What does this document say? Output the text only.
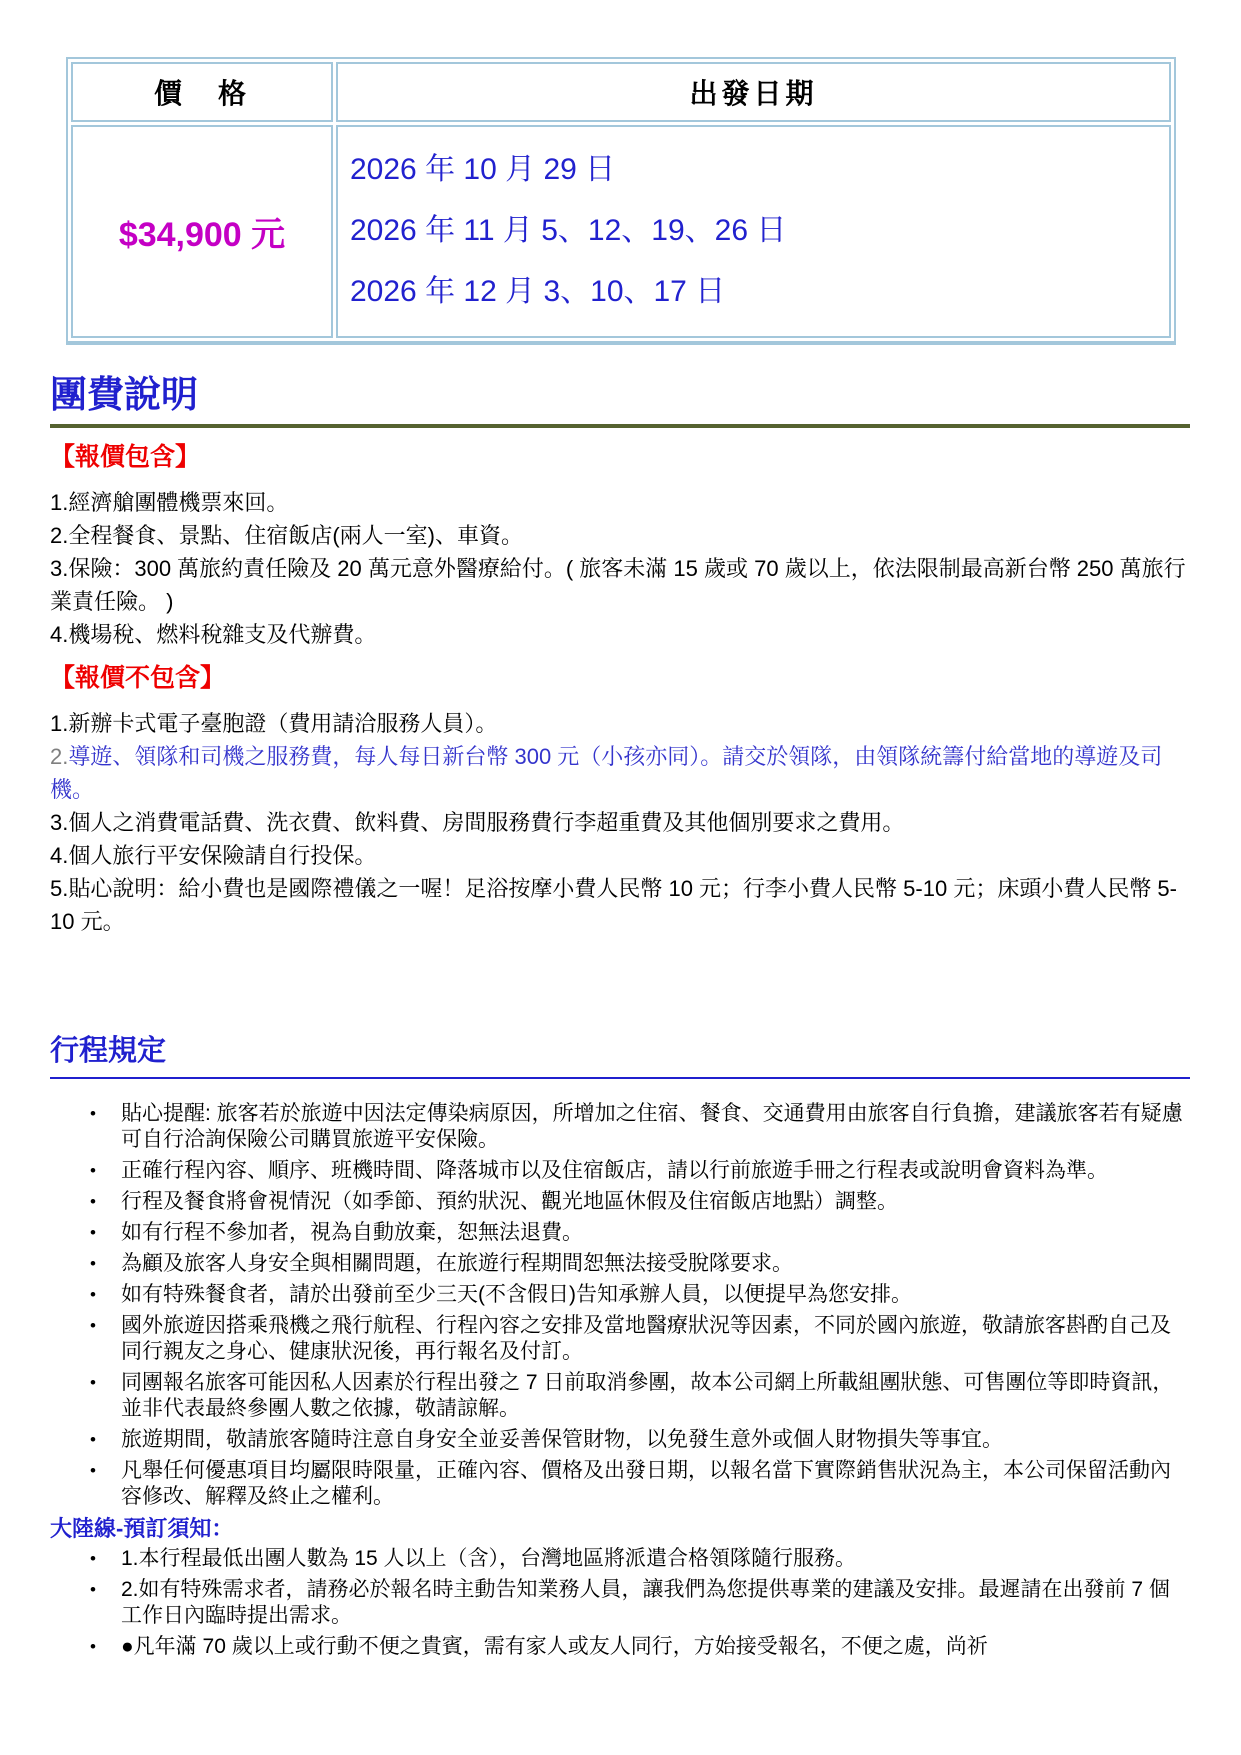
價　格	出發日期
$34,900 元	2026 年 10 月 29 日
2026 年 11 月 5、12、19、26 日
2026 年 12 月 3、10、17 日
團費說明
【報價包含】

1.經濟艙團體機票來回。

2.全程餐食、景點、住宿飯店(兩人一室)、車資。

3.保險：300 萬旅約責任險及 20 萬元意外醫療給付。( 旅客未滿 15 歲或 70 歲以上，依法限制最高新台幣 250 萬旅行業責任險。 )

4.機場稅、燃料稅雜支及代辦費。

【報價不包含】

1.新辦卡式電子臺胞證（費用請洽服務人員）。

2.導遊、領隊和司機之服務費，每人每日新台幣 300 元（小孩亦同）。請交於領隊，由領隊統籌付給當地的導遊及司機。

3.個人之消費電話費、洗衣費、飲料費、房間服務費行李超重費及其他個別要求之費用。

4.個人旅行平安保險請自行投保。

5.貼心說明：給小費也是國際禮儀之一喔！足浴按摩小費人民幣 10 元；行李小費人民幣 5-10 元；床頭小費人民幣 5-10 元。

行程規定
•	貼心提醒: 旅客若於旅遊中因法定傳染病原因，所增加之住宿、餐食、交通費用由旅客自行負擔，建議旅客若有疑慮可自行洽詢保險公司購買旅遊平安保險。
•	正確行程內容、順序、班機時間、降落城市以及住宿飯店，請以行前旅遊手冊之行程表或說明會資料為準。
•	行程及餐食將會視情況（如季節、預約狀況、觀光地區休假及住宿飯店地點）調整。
•	如有行程不參加者，視為自動放棄，恕無法退費。
•	為顧及旅客人身安全與相關問題，在旅遊行程期間恕無法接受脫隊要求。
•	如有特殊餐食者，請於出發前至少三天(不含假日)告知承辦人員，以便提早為您安排。
•	國外旅遊因搭乘飛機之飛行航程、行程內容之安排及當地醫療狀況等因素，不同於國內旅遊，敬請旅客斟酌自己及同行親友之身心、健康狀況後，再行報名及付訂。
•	同團報名旅客可能因私人因素於行程出發之 7 日前取消參團，故本公司網上所載組團狀態、可售團位等即時資訊，並非代表最終參團人數之依據，敬請諒解。
•	旅遊期間，敬請旅客隨時注意自身安全並妥善保管財物，以免發生意外或個人財物損失等事宜。
•	凡舉任何優惠項目均屬限時限量，正確內容、價格及出發日期，以報名當下實際銷售狀況為主，本公司保留活動內容修改、解釋及終止之權利。
大陸線-預訂須知：
•	1.本行程最低出團人數為 15 人以上（含），台灣地區將派遣合格領隊隨行服務。
•	2.如有特殊需求者，請務必於報名時主動告知業務人員，讓我們為您提供專業的建議及安排。最遲請在出發前 7 個工作日內臨時提出需求。
•	●凡年滿 70 歲以上或行動不便之貴賓，需有家人或友人同行，方始接受報名，不便之處，尚祈
